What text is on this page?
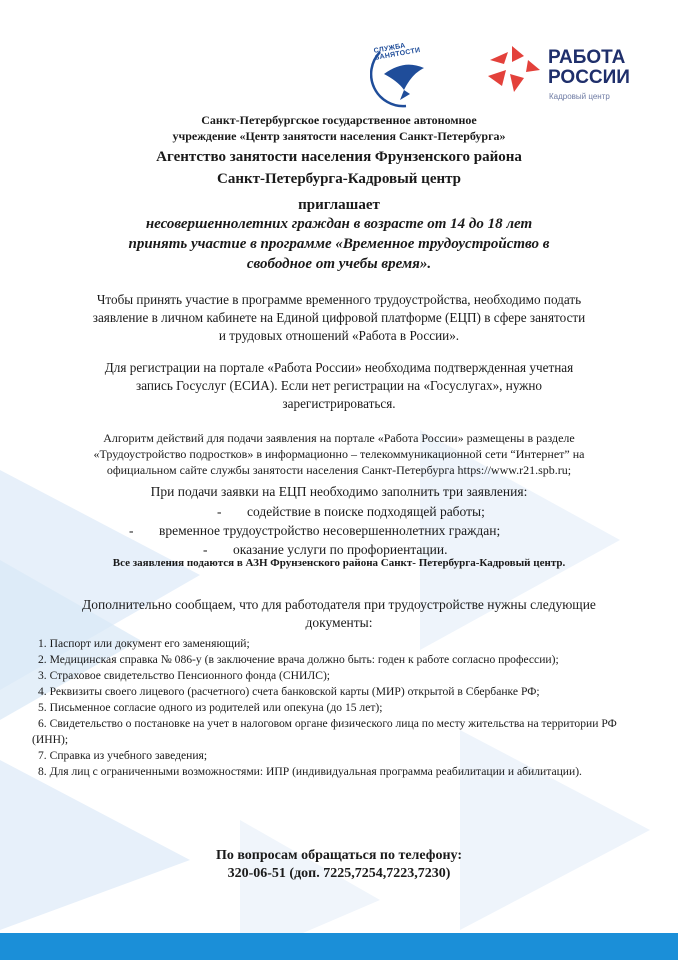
СЛУЖБА ЗАНЯТОСТИ	РАБОТА
РОССИИ
Кадровый центр
Санкт-Петербургское государственное автономное
учреждение «Центр занятости населения Санкт-Петербурга»
Агентство занятости населения Фрунзенского района
Санкт-Петербурга-Кадровый центр
приглашает
несовершеннолетних граждан в возрасте от 14 до 18 лет
принять участие в программе «Временное трудоустройство в
свободное от учебы время».
Чтобы принять участие в программе временного трудоустройства, необходимо подать
заявление в личном кабинете на Единой цифровой платформе (ЕЦП) в сфере занятости
и трудовых отношений «Работа в России».
Для регистрации на портале «Работа России» необходима подтвержденная учетная
запись Госуслуг (ЕСИА). Если нет регистрации на «Госуслугах», нужно
зарегистрироваться.
Алгоритм действий для подачи заявления на портале «Работа России» размещены в разделе
«Трудоустройство подростков» в информационно – телекоммуникационной сети “Интернет” на
официальном сайте службы занятости населения Санкт-Петербурга https://www.r21.spb.ru;
При подачи заявки на ЕЦП необходимо заполнить три заявления:
- содействие в поиске подходящей работы;
- временное трудоустройство несовершеннолетних граждан;
- оказание услуги по профориентации.
Все заявления подаются в АЗН Фрунзенского района Санкт- Петербурга-Кадровый центр.
Дополнительно сообщаем, что для работодателя при трудоустройстве нужны следующие
документы:

1. Паспорт или документ его заменяющий;

2. Медицинская справка № 086-у (в заключение врача должно быть: годен к работе согласно профессии);

3. Страховое свидетельство Пенсионного фонда (СНИЛС);

4. Реквизиты своего лицевого (расчетного) счета банковской карты (МИР) открытой в Сбербанке РФ;

5. Письменное согласие одного из родителей или опекуна (до 15 лет);

6. Свидетельство о постановке на учет в налоговом органе физического лица по месту жительства на территории РФ (ИНН);

7. Справка из учебного заведения;

8. Для лиц с ограниченными возможностями: ИПР (индивидуальная программа реабилитации и абилитации).

По вопросам обращаться по телефону:
320-06-51 (доп. 7225,7254,7223,7230)
